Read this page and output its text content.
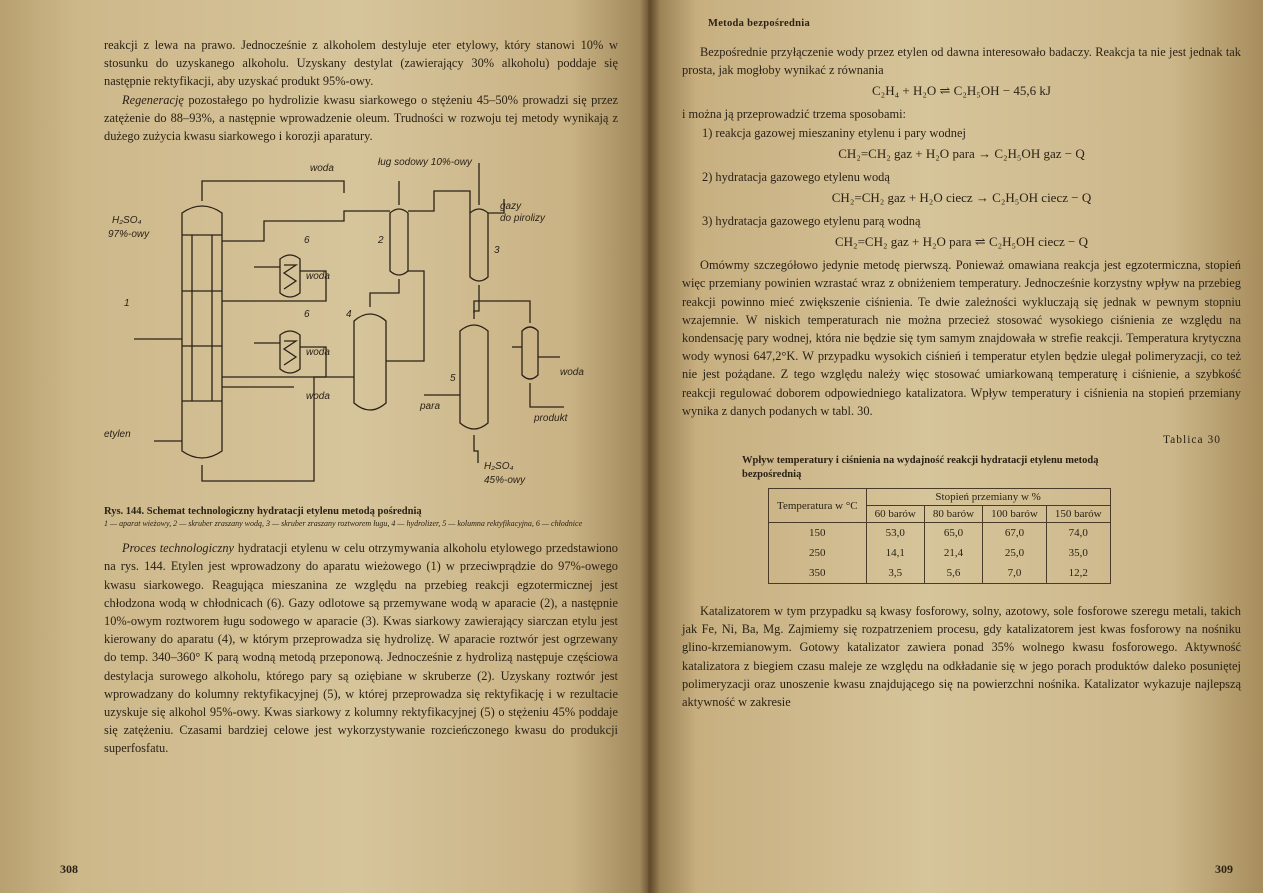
reakcji z lewa na prawo. Jednocześnie z alkoholem destyluje eter etylowy, który stanowi 10% w stosunku do uzyskanego alkoholu. Uzyskany destylat (zawierający 30% alkoholu) poddaje się następnie rektyfikacji, aby uzyskać produkt 95%-owy.

Regenerację pozostałego po hydrolizie kwasu siarkowego o stężeniu 45–50% prowadzi się przez zatężenie do 88–93%, a następnie wprowadzenie oleum. Trudności w rozwoju tej metody wynikają z dużego zużycia kwasu siarkowego i korozji aparatury.

woda
ług sodowy 10%-owy
gazy
do pirolizy
H₂SO₄
97%-owy
1
2
3
4
5
6
6
woda
woda
woda
woda
etylen
para
produkt
H₂SO₄
45%-owy
Rys. 144. Schemat technologiczny hydratacji etylenu metodą pośrednią
1 — aparat wieżowy, 2 — skruber zraszany wodą, 3 — skruber zraszany roztworem ługu, 4 — hydrolizer, 5 — kolumna rektyfikacyjna, 6 — chłodnice

Proces technologiczny hydratacji etylenu w celu otrzymywania alkoholu etylowego przedstawiono na rys. 144. Etylen jest wprowadzony do aparatu wieżowego (1) w przeciwprądzie do 97%-owego kwasu siarkowego. Reagująca mieszanina ze względu na przebieg reakcji egzotermicznej jest chłodzona wodą w chłodnicach (6). Gazy odlotowe są przemywane wodą w aparacie (2), a następnie 10%-owym roztworem ługu sodowego w aparacie (3). Kwas siarkowy zawierający siarczan etylu jest kierowany do aparatu (4), w którym przeprowadza się hydrolizę. W aparacie roztwór jest ogrzewany do temp. 340–360° K parą wodną metodą przeponową. Jednocześnie z hydrolizą następuje częściowa destylacja surowego alkoholu, którego pary są oziębiane w skruberze (2). Uzyskany roztwór jest wprowadzany do kolumny rektyfikacyjnej (5), w której przeprowadza się rektyfikację i w rezultacie uzyskuje się alkohol 95%-owy. Kwas siarkowy z kolumny rektyfikacyjnej (5) o stężeniu 45% poddaje się zatężeniu. Czasami bardziej celowe jest wykorzystywanie rozcieńczonego kwasu do produkcji superfosfatu.

308
Metoda bezpośrednia

Bezpośrednie przyłączenie wody przez etylen od dawna interesowało badaczy. Reakcja ta nie jest jednak tak prosta, jak mogłoby wynikać z równania

C₂H₄ + H₂O ⇌ C₂H₅OH − 45,6 kJ

i można ją przeprowadzić trzema sposobami:

1) reakcja gazowej mieszaniny etylenu i pary wodnej
CH₂=CH₂ gaz + H₂O para → C₂H₅OH gaz − Q
2) hydratacja gazowego etylenu wodą
CH₂=CH₂ gaz + H₂O ciecz → C₂H₅OH ciecz − Q
3) hydratacja gazowego etylenu parą wodną
CH₂=CH₂ gaz + H₂O para ⇌ C₂H₅OH ciecz − Q

Omówmy szczegółowo jedynie metodę pierwszą. Ponieważ omawiana reakcja jest egzotermiczna, stopień więc przemiany powinien wzrastać wraz z obniżeniem temperatury. Jednocześnie korzystny wpływ na przebieg reakcji powinno mieć zwiększenie ciśnienia. Te dwie zależności wykluczają się jednak w pewnym stopniu wzajemnie. W niskich temperaturach nie można przecież stosować wysokiego ciśnienia ze względu na kondensację pary wodnej, która nie będzie się tym samym znajdowała w strefie reakcji. Temperatura krytyczna wody wynosi 647,2°K. W przypadku wysokich ciśnień i temperatur etylen będzie ulegał polimeryzacji, co też nie jest pożądane. Z tego względu należy więc stosować umiarkowaną temperaturę i ciśnienie, a szybkość reakcji regulować doborem odpowiedniego katalizatora. Wpływ temperatury i ciśnienia na stopień przemiany wynika z danych podanych w tabl. 30.

Tablica 30
Wpływ temperatury i ciśnienia na wydajność reakcji hydratacji etylenu metodą bezpośrednią
Temperatura w °C	Stopień przemiany w %			
	60 barów	80 barów	100 barów	150 barów
150	53,0	65,0	67,0	74,0
250	14,1	21,4	25,0	35,0
350	3,5	5,6	7,0	12,2

Katalizatorem w tym przypadku są kwasy fosforowy, solny, azotowy, sole fosforowe szeregu metali, takich jak Fe, Ni, Ba, Mg. Zajmiemy się rozpatrzeniem procesu, gdy katalizatorem jest kwas fosforowy na nośniku glino-krzemianowym. Gotowy katalizator zawiera ponad 35% wolnego kwasu fosforowego. Aktywność katalizatora z biegiem czasu maleje ze względu na odkładanie się w jego porach produktów daleko posuniętej polimeryzacji oraz unoszenie kwasu znajdującego się na powierzchni nośnika. Katalizator wykazuje najlepszą aktywność w zakresie

309
